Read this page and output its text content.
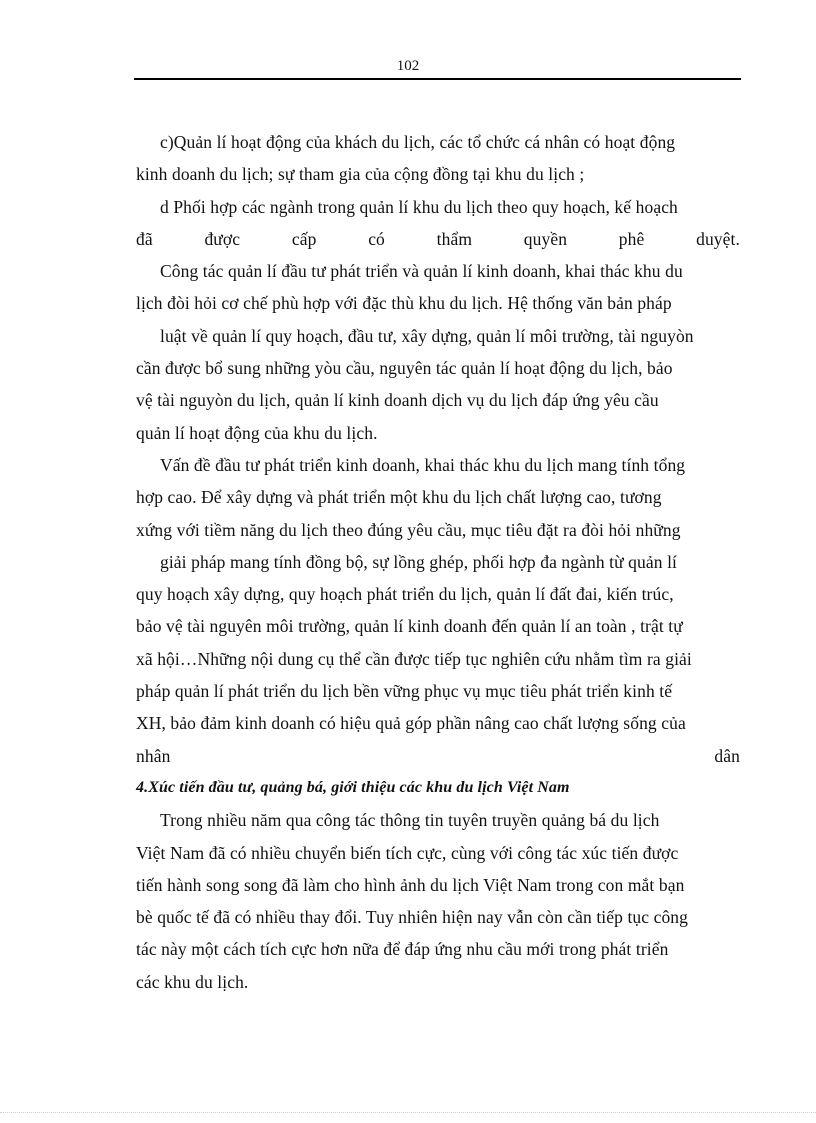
102
c)Quản lí hoạt động của khách du lịch, các tổ chức cá nhân có hoạt động
kinh doanh du lịch; sự tham gia của cộng đồng tại khu du lịch ;
d Phối hợp các ngành trong quản lí khu du lịch theo quy hoạch, kế hoạch
đã	được	cấp	có	thẩm	quyền	phê	duyệt.
Công tác quản lí đầu tư phát triển và quản lí kinh doanh, khai thác khu du
lịch đòi hỏi cơ chế phù hợp với đặc thù khu du lịch. Hệ thống văn bản pháp
luật về quản lí quy hoạch, đầu tư, xây dựng, quản lí môi trường, tài nguyòn
cần được bổ sung những yòu cầu, nguyên tác quản lí hoạt động du lịch, bảo
vệ tài nguyòn du lịch, quản lí kinh doanh dịch vụ du lịch đáp ứng yêu cầu
quản lí hoạt động của khu du lịch.
Vấn đề đầu tư phát triển kinh doanh, khai thác khu du lịch mang tính tổng
hợp cao. Để xây dựng và phát triển một khu du lịch chất lượng cao, tương
xứng với tiềm năng du lịch theo đúng yêu cầu, mục tiêu đặt ra đòi hỏi những
giải pháp mang tính đồng bộ, sự lồng ghép, phối hợp đa ngành từ quản lí
quy hoạch xây dựng, quy hoạch phát triển du lịch, quản lí đất đai, kiến trúc,
bảo vệ tài nguyên môi trường, quản lí kinh doanh đến quản lí an toàn , trật tự
xã hội…Những nội dung cụ thể cần được tiếp tục nghiên cứu nhằm tìm ra giải
pháp quản lí phát triển du lịch bền vững phục vụ mục tiêu phát triển kinh tế
XH, bảo đảm kinh doanh có hiệu quả góp phần nâng cao chất lượng sống của
nhân	dân
4.Xúc tiến đầu tư, quảng bá, giới thiệu các khu du lịch Việt Nam
Trong nhiều năm qua công tác thông tin tuyên truyền quảng bá du lịch
Việt Nam đã có nhiều chuyển biến tích cực, cùng với công tác xúc tiến được
tiến hành song song đã làm cho hình ảnh du lịch Việt Nam trong con mắt bạn
bè quốc tế đã có nhiều thay đổi. Tuy nhiên hiện nay vẫn còn cần tiếp tục công
tác này một cách tích cực hơn nữa để đáp ứng nhu cầu mới trong phát triển
các khu du lịch.
